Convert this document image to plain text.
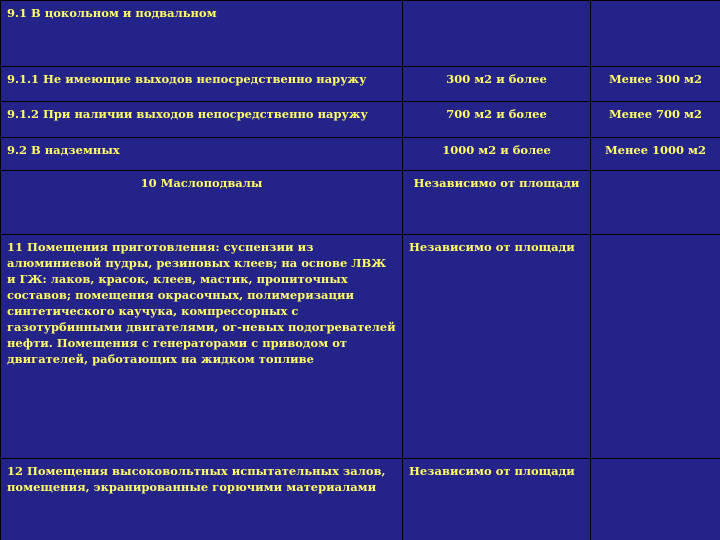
9.1 В цокольном и подвальном		
9.1.1 Не имеющие выходов непосредственно наружу	300 м2 и более	Менее 300 м2
9.1.2 При наличии выходов непосредственно наружу	700 м2 и более	Менее 700 м2
9.2 В надземных	1000 м2 и более	Менее 1000 м2
10 Маслоподвалы	Независимо от площади	
11 Помещения приготовления: суспензии из алюминиевой пудры, резиновых клеев; на основе ЛВЖ и ГЖ: лаков, красок, клеев, мастик, пропиточных составов; помещения окрасочных, полимеризации синтетического каучука, компрессорных с газотурбинными двигателями, ог-невых подогревателей нефти. Помещения с генераторами с приводом от двигателей, работающих на жидком топливе	Независимо от площади	
12 Помещения высоковольтных испытательных залов, помещения, экранированные горючими материалами	Независимо от площади	
